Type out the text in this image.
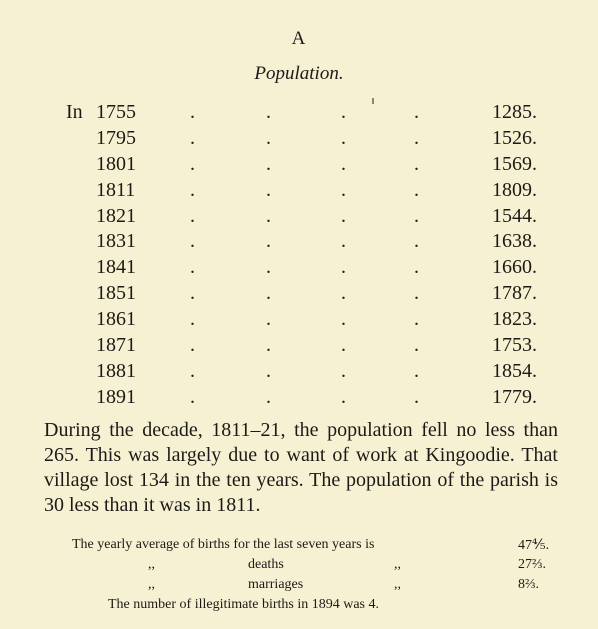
A
Population.
In 1755	.	.	.	.	1285.
1795	.	.	.	.	1526.
1801	.	.	.	.	1569.
1811	.	.	.	.	1809.
1821	.	.	.	.	1544.
1831	.	.	.	.	1638.
1841	.	.	.	.	1660.
1851	.	.	.	.	1787.
1861	.	.	.	.	1823.
1871	.	.	.	.	1753.
1881	.	.	.	.	1854.
1891	.	.	.	.	1779.
During the decade, 1811–21, the population fell no less than 265. This was largely due to want of work at Kingoodie. That village lost 134 in the ten years. The population of the parish is 30 less than it was in 1811.
The yearly average of births for the last seven years is	47⅘.
,,	deaths	,,	27⅔.
,,	marriages	,,	8⅔.
The number of illegitimate births in 1894 was 4.
